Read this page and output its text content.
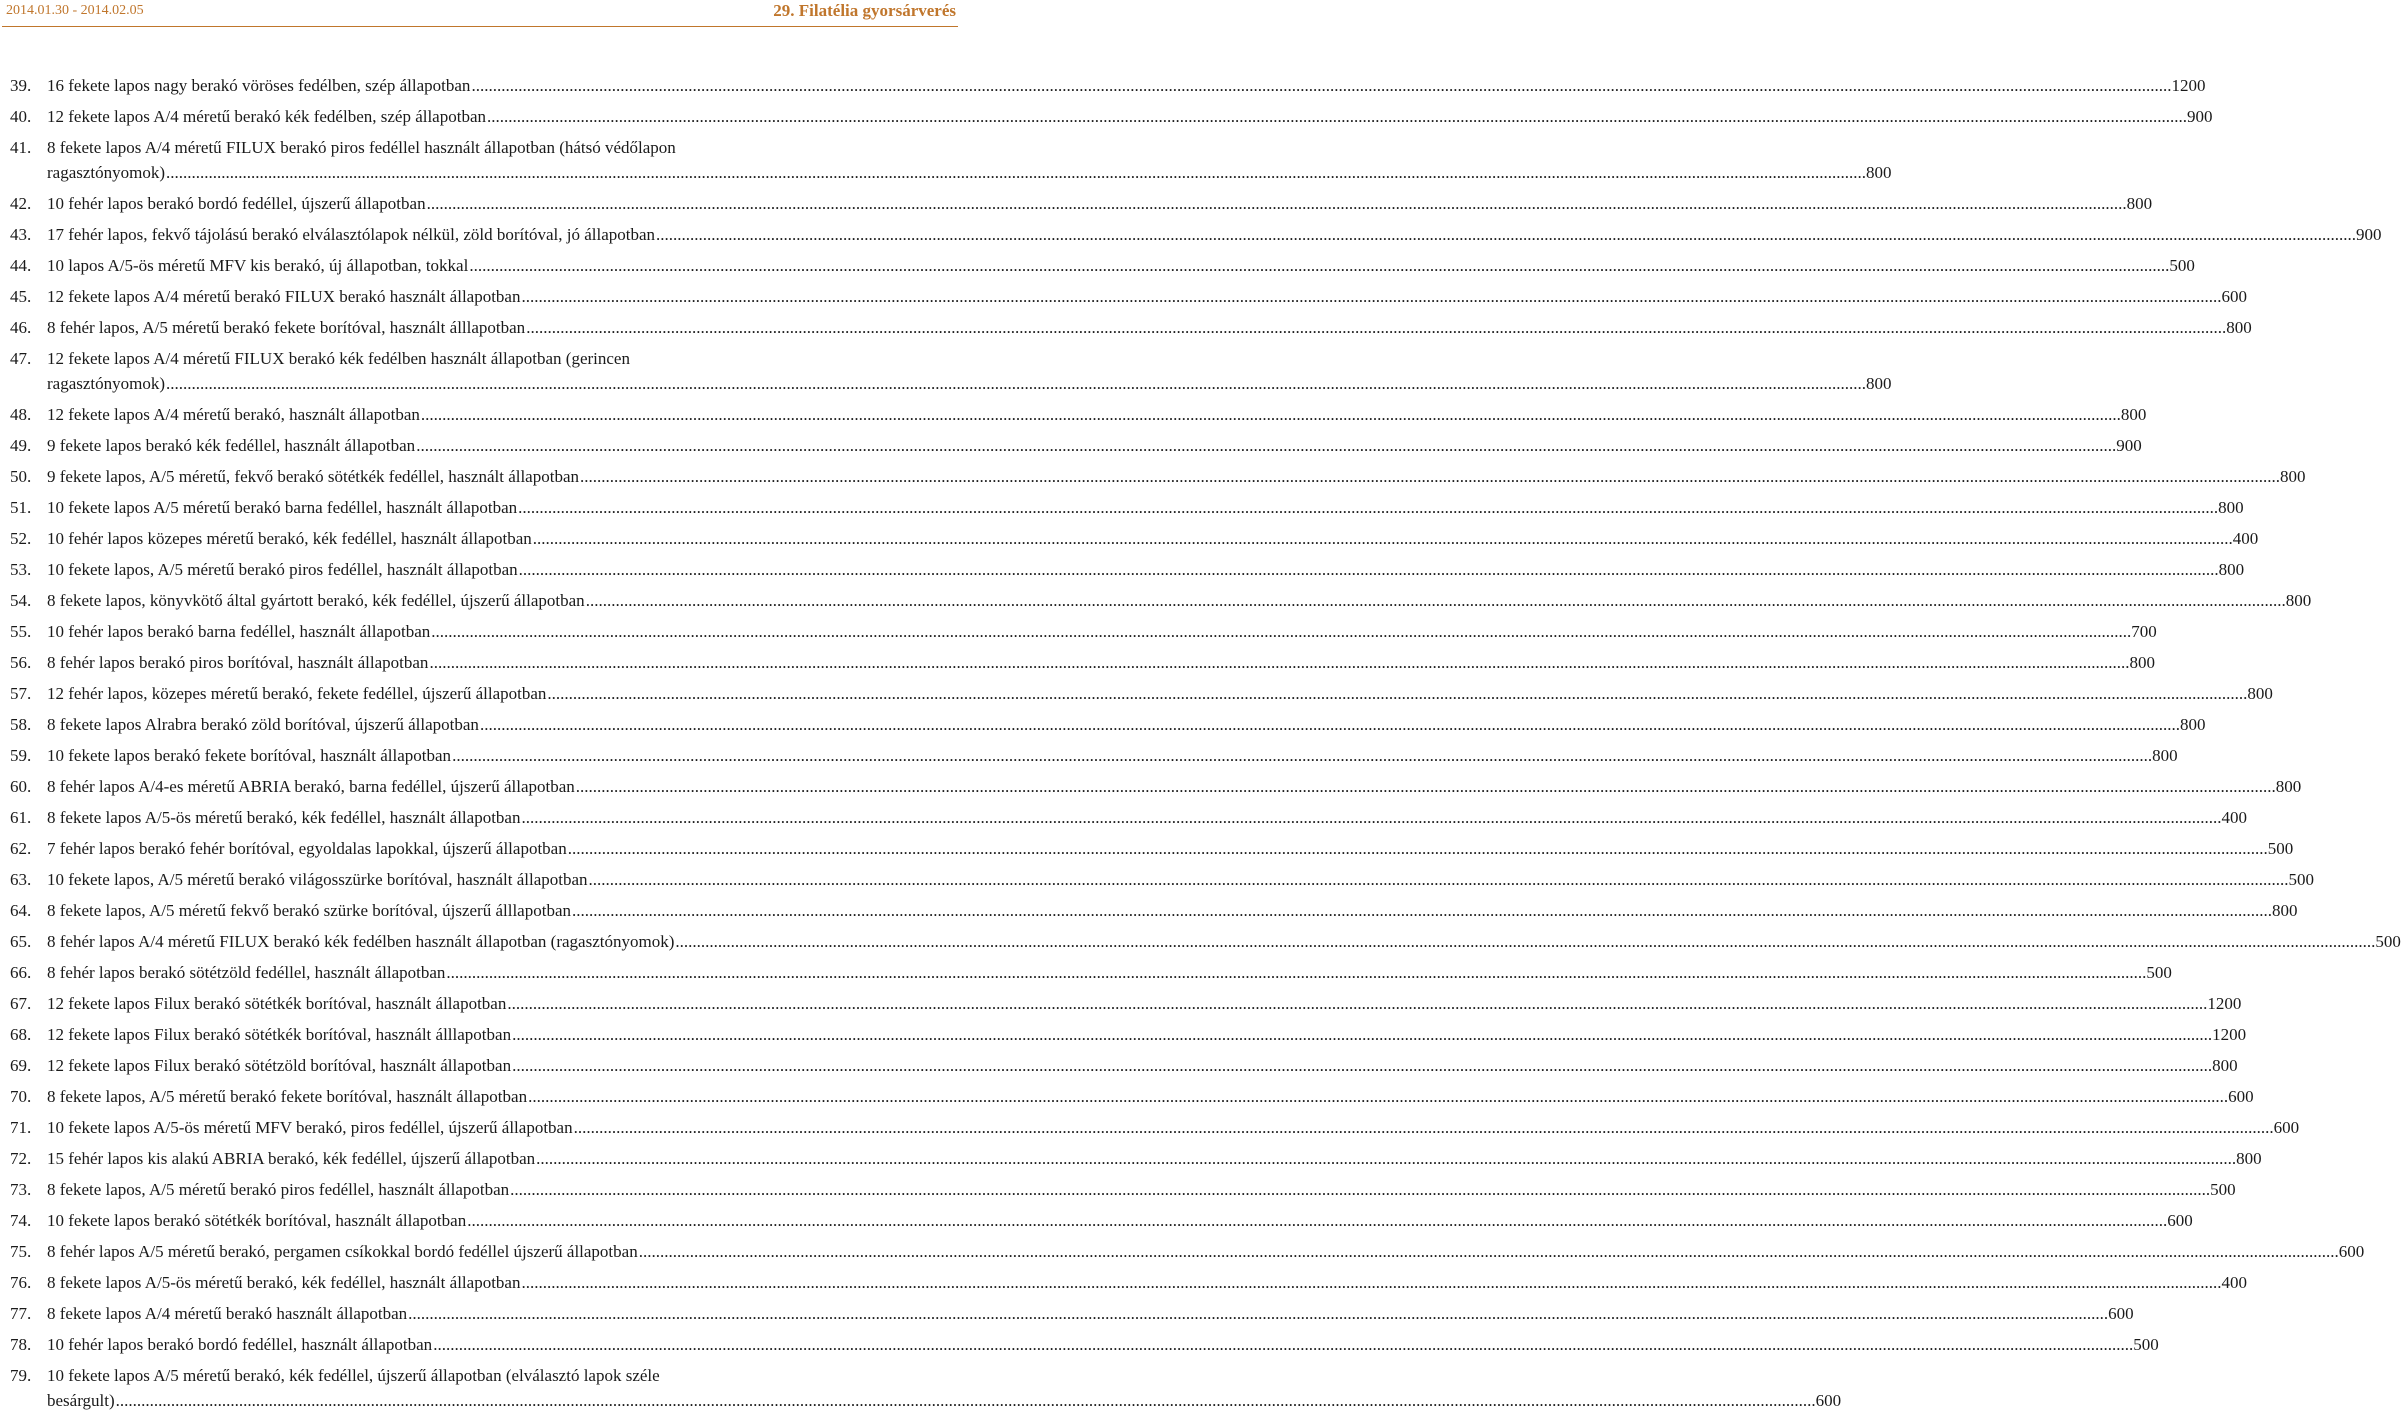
2014.01.30 - 2014.02.05	29. Filatélia gyorsárverés
39. 16 fekete lapos nagy berakó vöröses fedélben, szép állapotban ................................................................................................................................................................................................................................................................................................................................................................................................................ 1200
40. 12 fekete lapos A/4 méretű berakó kék fedélben, szép állapotban ................................................................................................................................................................................................................................................................................................................................................................................................................ 900
41. 8 fekete lapos A/4 méretű FILUX berakó piros fedéllel használt állapotban (hátsó védőlapon
ragasztónyomok) ................................................................................................................................................................................................................................................................................................................................................................................................................ 800
42. 10 fehér lapos berakó bordó fedéllel, újszerű állapotban ................................................................................................................................................................................................................................................................................................................................................................................................................ 800
43. 17 fehér lapos, fekvő tájolású berakó elválasztólapok nélkül, zöld borítóval, jó állapotban ................................................................................................................................................................................................................................................................................................................................................................................................................ 900
44. 10 lapos A/5-ös méretű MFV kis berakó, új állapotban, tokkal ................................................................................................................................................................................................................................................................................................................................................................................................................ 500
45. 12 fekete lapos A/4 méretű berakó FILUX berakó használt állapotban ................................................................................................................................................................................................................................................................................................................................................................................................................ 600
46. 8 fehér lapos, A/5 méretű berakó fekete borítóval, használt álllapotban ................................................................................................................................................................................................................................................................................................................................................................................................................ 800
47. 12 fekete lapos A/4 méretű FILUX berakó kék fedélben használt állapotban (gerincen
ragasztónyomok) ................................................................................................................................................................................................................................................................................................................................................................................................................ 800
48. 12 fekete lapos A/4 méretű berakó, használt állapotban ................................................................................................................................................................................................................................................................................................................................................................................................................ 800
49. 9 fekete lapos berakó kék fedéllel, használt állapotban ................................................................................................................................................................................................................................................................................................................................................................................................................ 900
50. 9 fekete lapos, A/5 méretű, fekvő berakó sötétkék fedéllel, használt állapotban ................................................................................................................................................................................................................................................................................................................................................................................................................ 800
51. 10 fekete lapos A/5 méretű berakó barna fedéllel, használt állapotban ................................................................................................................................................................................................................................................................................................................................................................................................................ 800
52. 10 fehér lapos közepes méretű berakó, kék fedéllel, használt állapotban ................................................................................................................................................................................................................................................................................................................................................................................................................ 400
53. 10 fekete lapos, A/5 méretű berakó piros fedéllel, használt állapotban ................................................................................................................................................................................................................................................................................................................................................................................................................ 800
54. 8 fekete lapos, könyvkötő által gyártott berakó, kék fedéllel, újszerű állapotban ................................................................................................................................................................................................................................................................................................................................................................................................................ 800
55. 10 fehér lapos berakó barna fedéllel, használt állapotban ................................................................................................................................................................................................................................................................................................................................................................................................................ 700
56. 8 fehér lapos berakó piros borítóval, használt állapotban ................................................................................................................................................................................................................................................................................................................................................................................................................ 800
57. 12 fehér lapos, közepes méretű berakó, fekete fedéllel, újszerű állapotban ................................................................................................................................................................................................................................................................................................................................................................................................................ 800
58. 8 fekete lapos Alrabra berakó zöld borítóval, újszerű állapotban ................................................................................................................................................................................................................................................................................................................................................................................................................ 800
59. 10 fekete lapos berakó fekete borítóval, használt állapotban ................................................................................................................................................................................................................................................................................................................................................................................................................ 800
60. 8 fehér lapos A/4-es méretű ABRIA berakó, barna fedéllel, újszerű állapotban ................................................................................................................................................................................................................................................................................................................................................................................................................ 800
61. 8 fekete lapos A/5-ös méretű berakó, kék fedéllel, használt állapotban ................................................................................................................................................................................................................................................................................................................................................................................................................ 400
62. 7 fehér lapos berakó fehér borítóval, egyoldalas lapokkal, újszerű állapotban ................................................................................................................................................................................................................................................................................................................................................................................................................ 500
63. 10 fekete lapos, A/5 méretű berakó világosszürke borítóval, használt állapotban ................................................................................................................................................................................................................................................................................................................................................................................................................ 500
64. 8 fekete lapos, A/5 méretű fekvő berakó szürke borítóval, újszerű álllapotban ................................................................................................................................................................................................................................................................................................................................................................................................................ 800
65. 8 fehér lapos A/4 méretű FILUX berakó kék fedélben használt állapotban (ragasztónyomok) ................................................................................................................................................................................................................................................................................................................................................................................................................ 500
66. 8 fehér lapos berakó sötétzöld fedéllel, használt állapotban ................................................................................................................................................................................................................................................................................................................................................................................................................ 500
67. 12 fekete lapos Filux berakó sötétkék borítóval, használt állapotban ................................................................................................................................................................................................................................................................................................................................................................................................................ 1200
68. 12 fekete lapos Filux berakó sötétkék borítóval, használt álllapotban ................................................................................................................................................................................................................................................................................................................................................................................................................ 1200
69. 12 fekete lapos Filux berakó sötétzöld borítóval, használt állapotban ................................................................................................................................................................................................................................................................................................................................................................................................................ 800
70. 8 fekete lapos, A/5 méretű berakó fekete borítóval, használt állapotban ................................................................................................................................................................................................................................................................................................................................................................................................................ 600
71. 10 fekete lapos A/5-ös méretű MFV berakó, piros fedéllel, újszerű állapotban ................................................................................................................................................................................................................................................................................................................................................................................................................ 600
72. 15 fehér lapos kis alakú ABRIA berakó, kék fedéllel, újszerű állapotban ................................................................................................................................................................................................................................................................................................................................................................................................................ 800
73. 8 fekete lapos, A/5 méretű berakó piros fedéllel, használt állapotban ................................................................................................................................................................................................................................................................................................................................................................................................................ 500
74. 10 fekete lapos berakó sötétkék borítóval, használt állapotban ................................................................................................................................................................................................................................................................................................................................................................................................................ 600
75. 8 fehér lapos A/5 méretű berakó, pergamen csíkokkal bordó fedéllel újszerű állapotban ................................................................................................................................................................................................................................................................................................................................................................................................................ 600
76. 8 fekete lapos A/5-ös méretű berakó, kék fedéllel, használt állapotban ................................................................................................................................................................................................................................................................................................................................................................................................................ 400
77. 8 fekete lapos A/4 méretű berakó használt állapotban ................................................................................................................................................................................................................................................................................................................................................................................................................ 600
78. 10 fehér lapos berakó bordó fedéllel, használt állapotban ................................................................................................................................................................................................................................................................................................................................................................................................................ 500
79. 10 fekete lapos A/5 méretű berakó, kék fedéllel, újszerű állapotban (elválasztó lapok széle
besárgult) ................................................................................................................................................................................................................................................................................................................................................................................................................ 600
